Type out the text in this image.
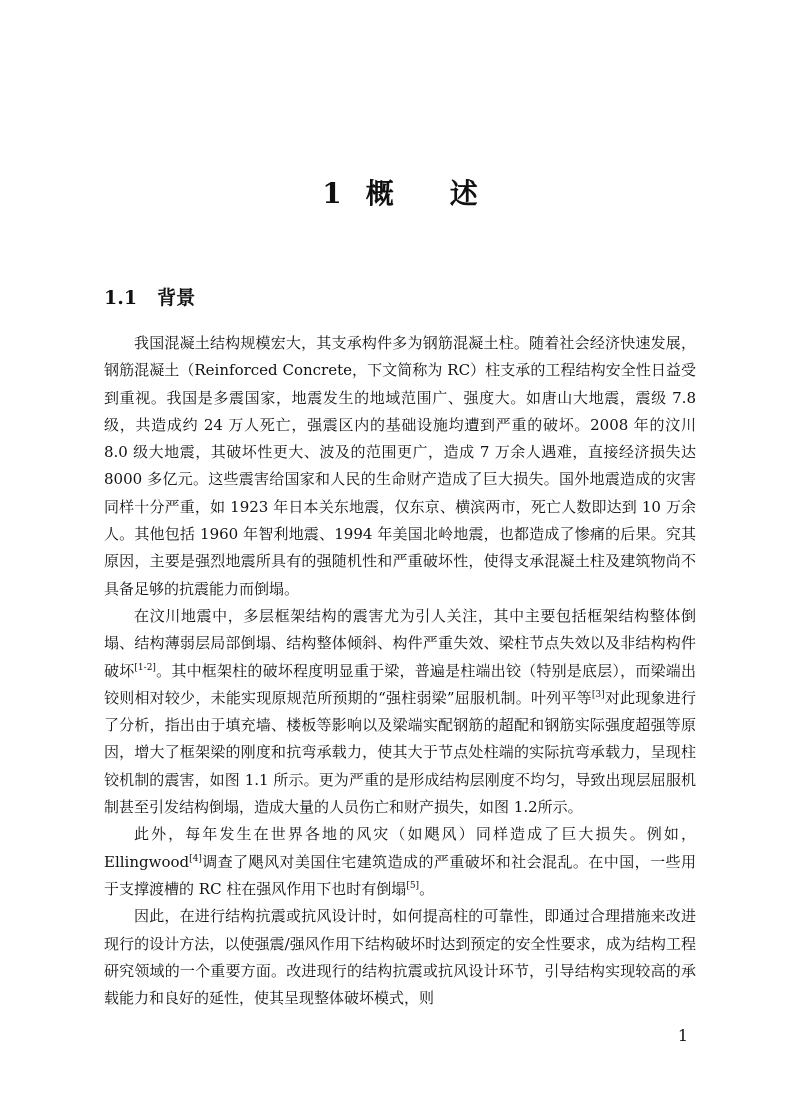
1 概 述
1.1 背景

我国混凝土结构规模宏大，其支承构件多为钢筋混凝土柱。随着社会经济快速发展，钢筋混凝土（Reinforced Concrete，下文简称为 RC）柱支承的工程结构安全性日益受到重视。我国是多震国家，地震发生的地域范围广、强度大。如唐山大地震，震级 7.8 级，共造成约 24 万人死亡，强震区内的基础设施均遭到严重的破坏。2008 年的汶川 8.0 级大地震，其破坏性更大、波及的范围更广，造成 7 万余人遇难，直接经济损失达 8000 多亿元。这些震害给国家和人民的生命财产造成了巨大损失。国外地震造成的灾害同样十分严重，如 1923 年日本关东地震，仅东京、横滨两市，死亡人数即达到 10 万余人。其他包括 1960 年智利地震、1994 年美国北岭地震，也都造成了惨痛的后果。究其原因，主要是强烈地震所具有的强随机性和严重破坏性，使得支承混凝土柱及建筑物尚不具备足够的抗震能力而倒塌。

在汶川地震中，多层框架结构的震害尤为引人关注，其中主要包括框架结构整体倒塌、结构薄弱层局部倒塌、结构整体倾斜、构件严重失效、梁柱节点失效以及非结构构件破坏[1-2]。其中框架柱的破坏程度明显重于梁，普遍是柱端出铰（特别是底层），而梁端出铰则相对较少，未能实现原规范所预期的“强柱弱梁”屈服机制。叶列平等[3]对此现象进行了分析，指出由于填充墙、楼板等影响以及梁端实配钢筋的超配和钢筋实际强度超强等原因，增大了框架梁的刚度和抗弯承载力，使其大于节点处柱端的实际抗弯承载力，呈现柱铰机制的震害，如图 1.1 所示。更为严重的是形成结构层刚度不均匀，导致出现层屈服机制甚至引发结构倒塌，造成大量的人员伤亡和财产损失，如图 1.2所示。

此外，每年发生在世界各地的风灾（如飓风）同样造成了巨大损失。例如，Ellingwood[4]调查了飓风对美国住宅建筑造成的严重破坏和社会混乱。在中国，一些用于支撑渡槽的 RC 柱在强风作用下也时有倒塌[5]。

因此，在进行结构抗震或抗风设计时，如何提高柱的可靠性，即通过合理措施来改进现行的设计方法，以使强震/强风作用下结构破坏时达到预定的安全性要求，成为结构工程研究领域的一个重要方面。改进现行的结构抗震或抗风设计环节，引导结构实现较高的承载能力和良好的延性，使其呈现整体破坏模式，则

1
